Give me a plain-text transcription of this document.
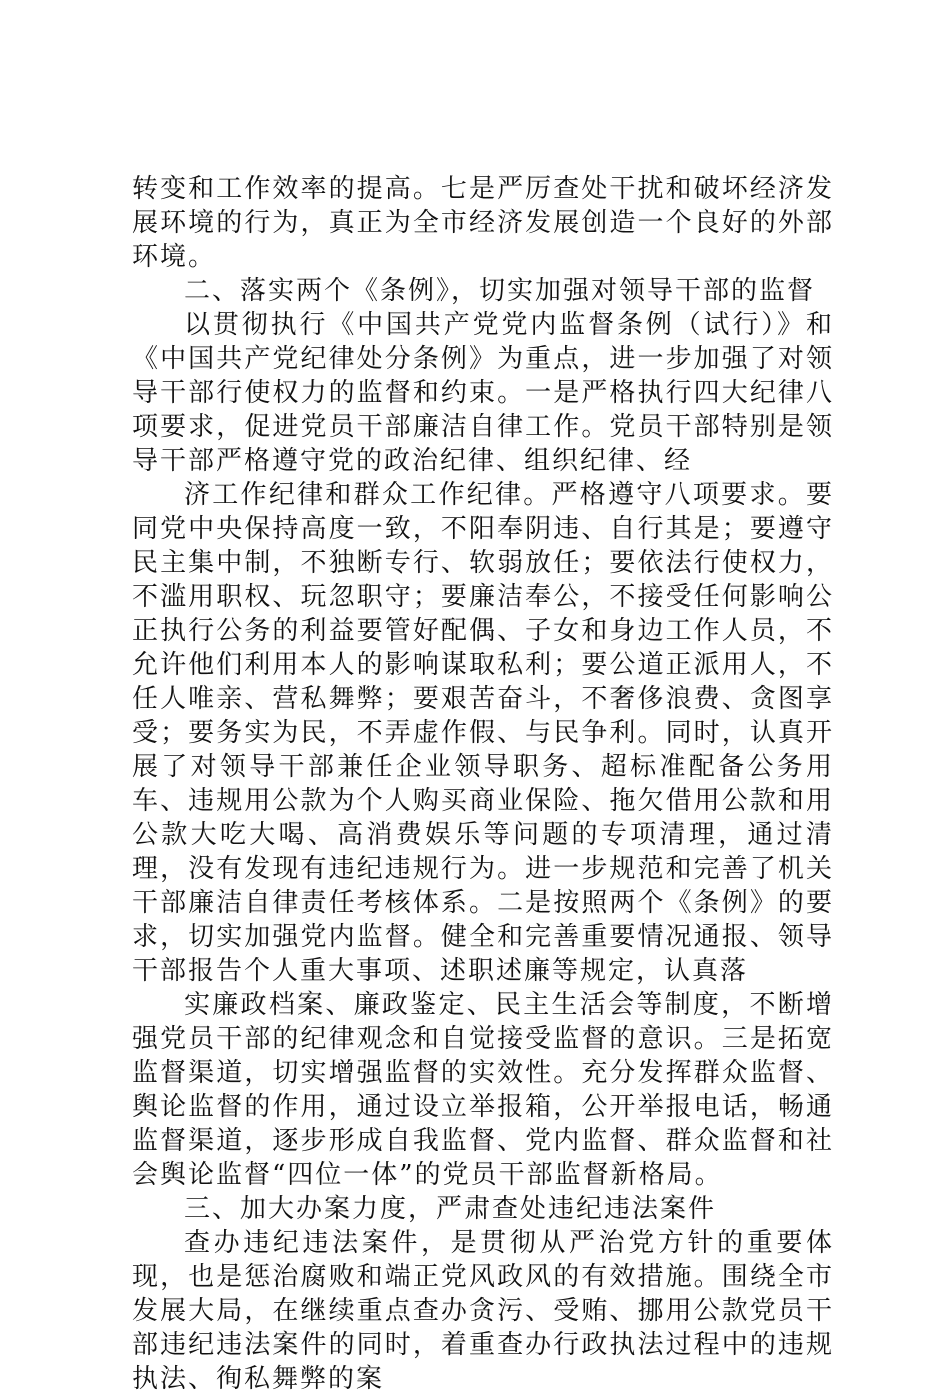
转变和工作效率的提高。七是严厉查处干扰和破坏经济发展环境的行为，真正为全市经济发展创造一个良好的外部环境。

二、落实两个《条例》，切实加强对领导干部的监督

以贯彻执行《中国共产党党内监督条例（试行）》和《中国共产党纪律处分条例》为重点，进一步加强了对领导干部行使权力的监督和约束。一是严格执行四大纪律八项要求，促进党员干部廉洁自律工作。党员干部特别是领导干部严格遵守党的政治纪律、组织纪律、经

济工作纪律和群众工作纪律。严格遵守八项要求。要同党中央保持高度一致，不阳奉阴违、自行其是；要遵守民主集中制，不独断专行、软弱放任；要依法行使权力，不滥用职权、玩忽职守；要廉洁奉公，不接受任何影响公正执行公务的利益要管好配偶、子女和身边工作人员，不允许他们利用本人的影响谋取私利；要公道正派用人，不任人唯亲、营私舞弊；要艰苦奋斗，不奢侈浪费、贪图享受；要务实为民，不弄虚作假、与民争利。同时，认真开展了对领导干部兼任企业领导职务、超标准配备公务用车、违规用公款为个人购买商业保险、拖欠借用公款和用公款大吃大喝、高消费娱乐等问题的专项清理，通过清理，没有发现有违纪违规行为。进一步规范和完善了机关干部廉洁自律责任考核体系。二是按照两个《条例》的要求，切实加强党内监督。健全和完善重要情况通报、领导干部报告个人重大事项、述职述廉等规定，认真落

实廉政档案、廉政鉴定、民主生活会等制度，不断增强党员干部的纪律观念和自觉接受监督的意识。三是拓宽监督渠道，切实增强监督的实效性。充分发挥群众监督、舆论监督的作用，通过设立举报箱，公开举报电话，畅通监督渠道，逐步形成自我监督、党内监督、群众监督和社会舆论监督“四位一体”的党员干部监督新格局。

三、加大办案力度，严肃查处违纪违法案件

查办违纪违法案件，是贯彻从严治党方针的重要体现，也是惩治腐败和端正党风政风的有效措施。围绕全市发展大局，在继续重点查办贪污、受贿、挪用公款党员干部违纪违法案件的同时，着重查办行政执法过程中的违规执法、徇私舞弊的案
